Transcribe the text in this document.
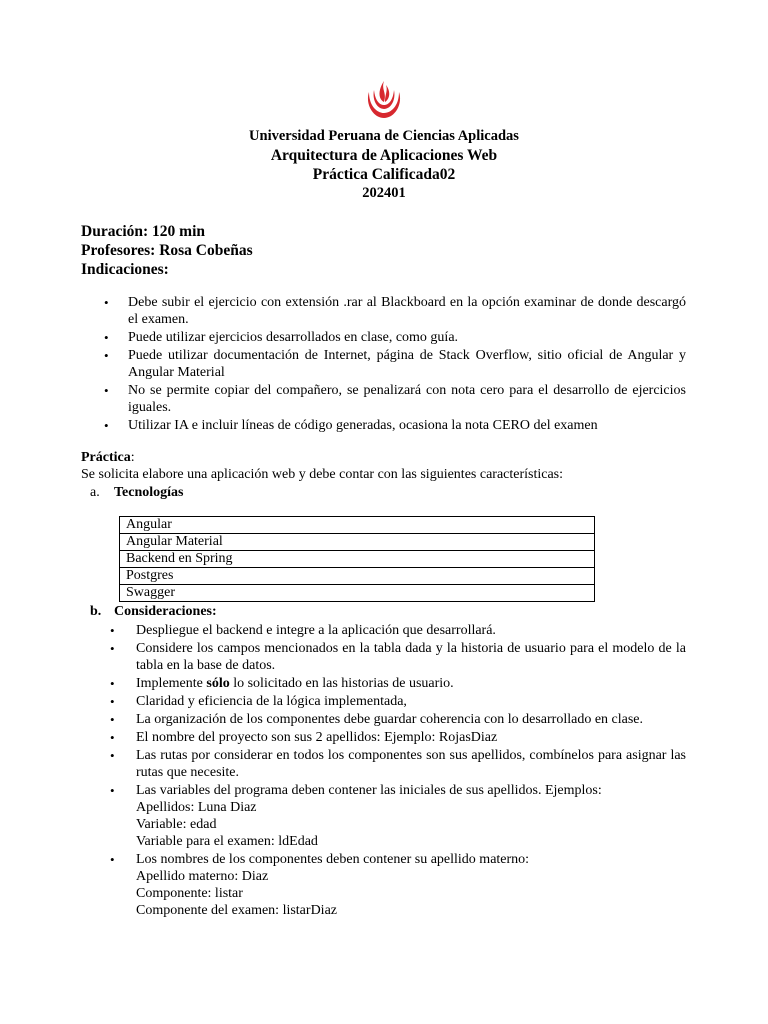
Universidad Peruana de Ciencias Aplicadas
Arquitectura de Aplicaciones Web
Práctica Calificada02
202401
Duración: 120 min
Profesores: Rosa Cobeñas
Indicaciones:
• Debe subir el ejercicio con extensión .rar al Blackboard en la opción examinar de donde descargó el examen.
• Puede utilizar ejercicios desarrollados en clase, como guía.
• Puede utilizar documentación de Internet, página de Stack Overflow, sitio oficial de Angular y Angular Material
• No se permite copiar del compañero, se penalizará con nota cero para el desarrollo de ejercicios iguales.
• Utilizar IA e incluir líneas de código generadas, ocasiona la nota CERO del examen
Práctica:
Se solicita elabore una aplicación web y debe contar con las siguientes características:
a. Tecnologías
Angular
Angular Material
Backend en Spring
Postgres
Swagger
b. Consideraciones:
• Despliegue el backend e integre a la aplicación que desarrollará.
• Considere los campos mencionados en la tabla dada y la historia de usuario para el modelo de la tabla en la base de datos.
• Implemente sólo lo solicitado en las historias de usuario.
• Claridad y eficiencia de la lógica implementada,
• La organización de los componentes debe guardar coherencia con lo desarrollado en clase.
• El nombre del proyecto son sus 2 apellidos: Ejemplo: RojasDiaz
• Las rutas por considerar en todos los componentes son sus apellidos, combínelos para asignar las rutas que necesite.
• Las variables del programa deben contener las iniciales de sus apellidos. Ejemplos:
Apellidos: Luna Diaz
Variable: edad
Variable para el examen: ldEdad
• Los nombres de los componentes deben contener su apellido materno:
Apellido materno: Diaz
Componente: listar
Componente del examen: listarDiaz
